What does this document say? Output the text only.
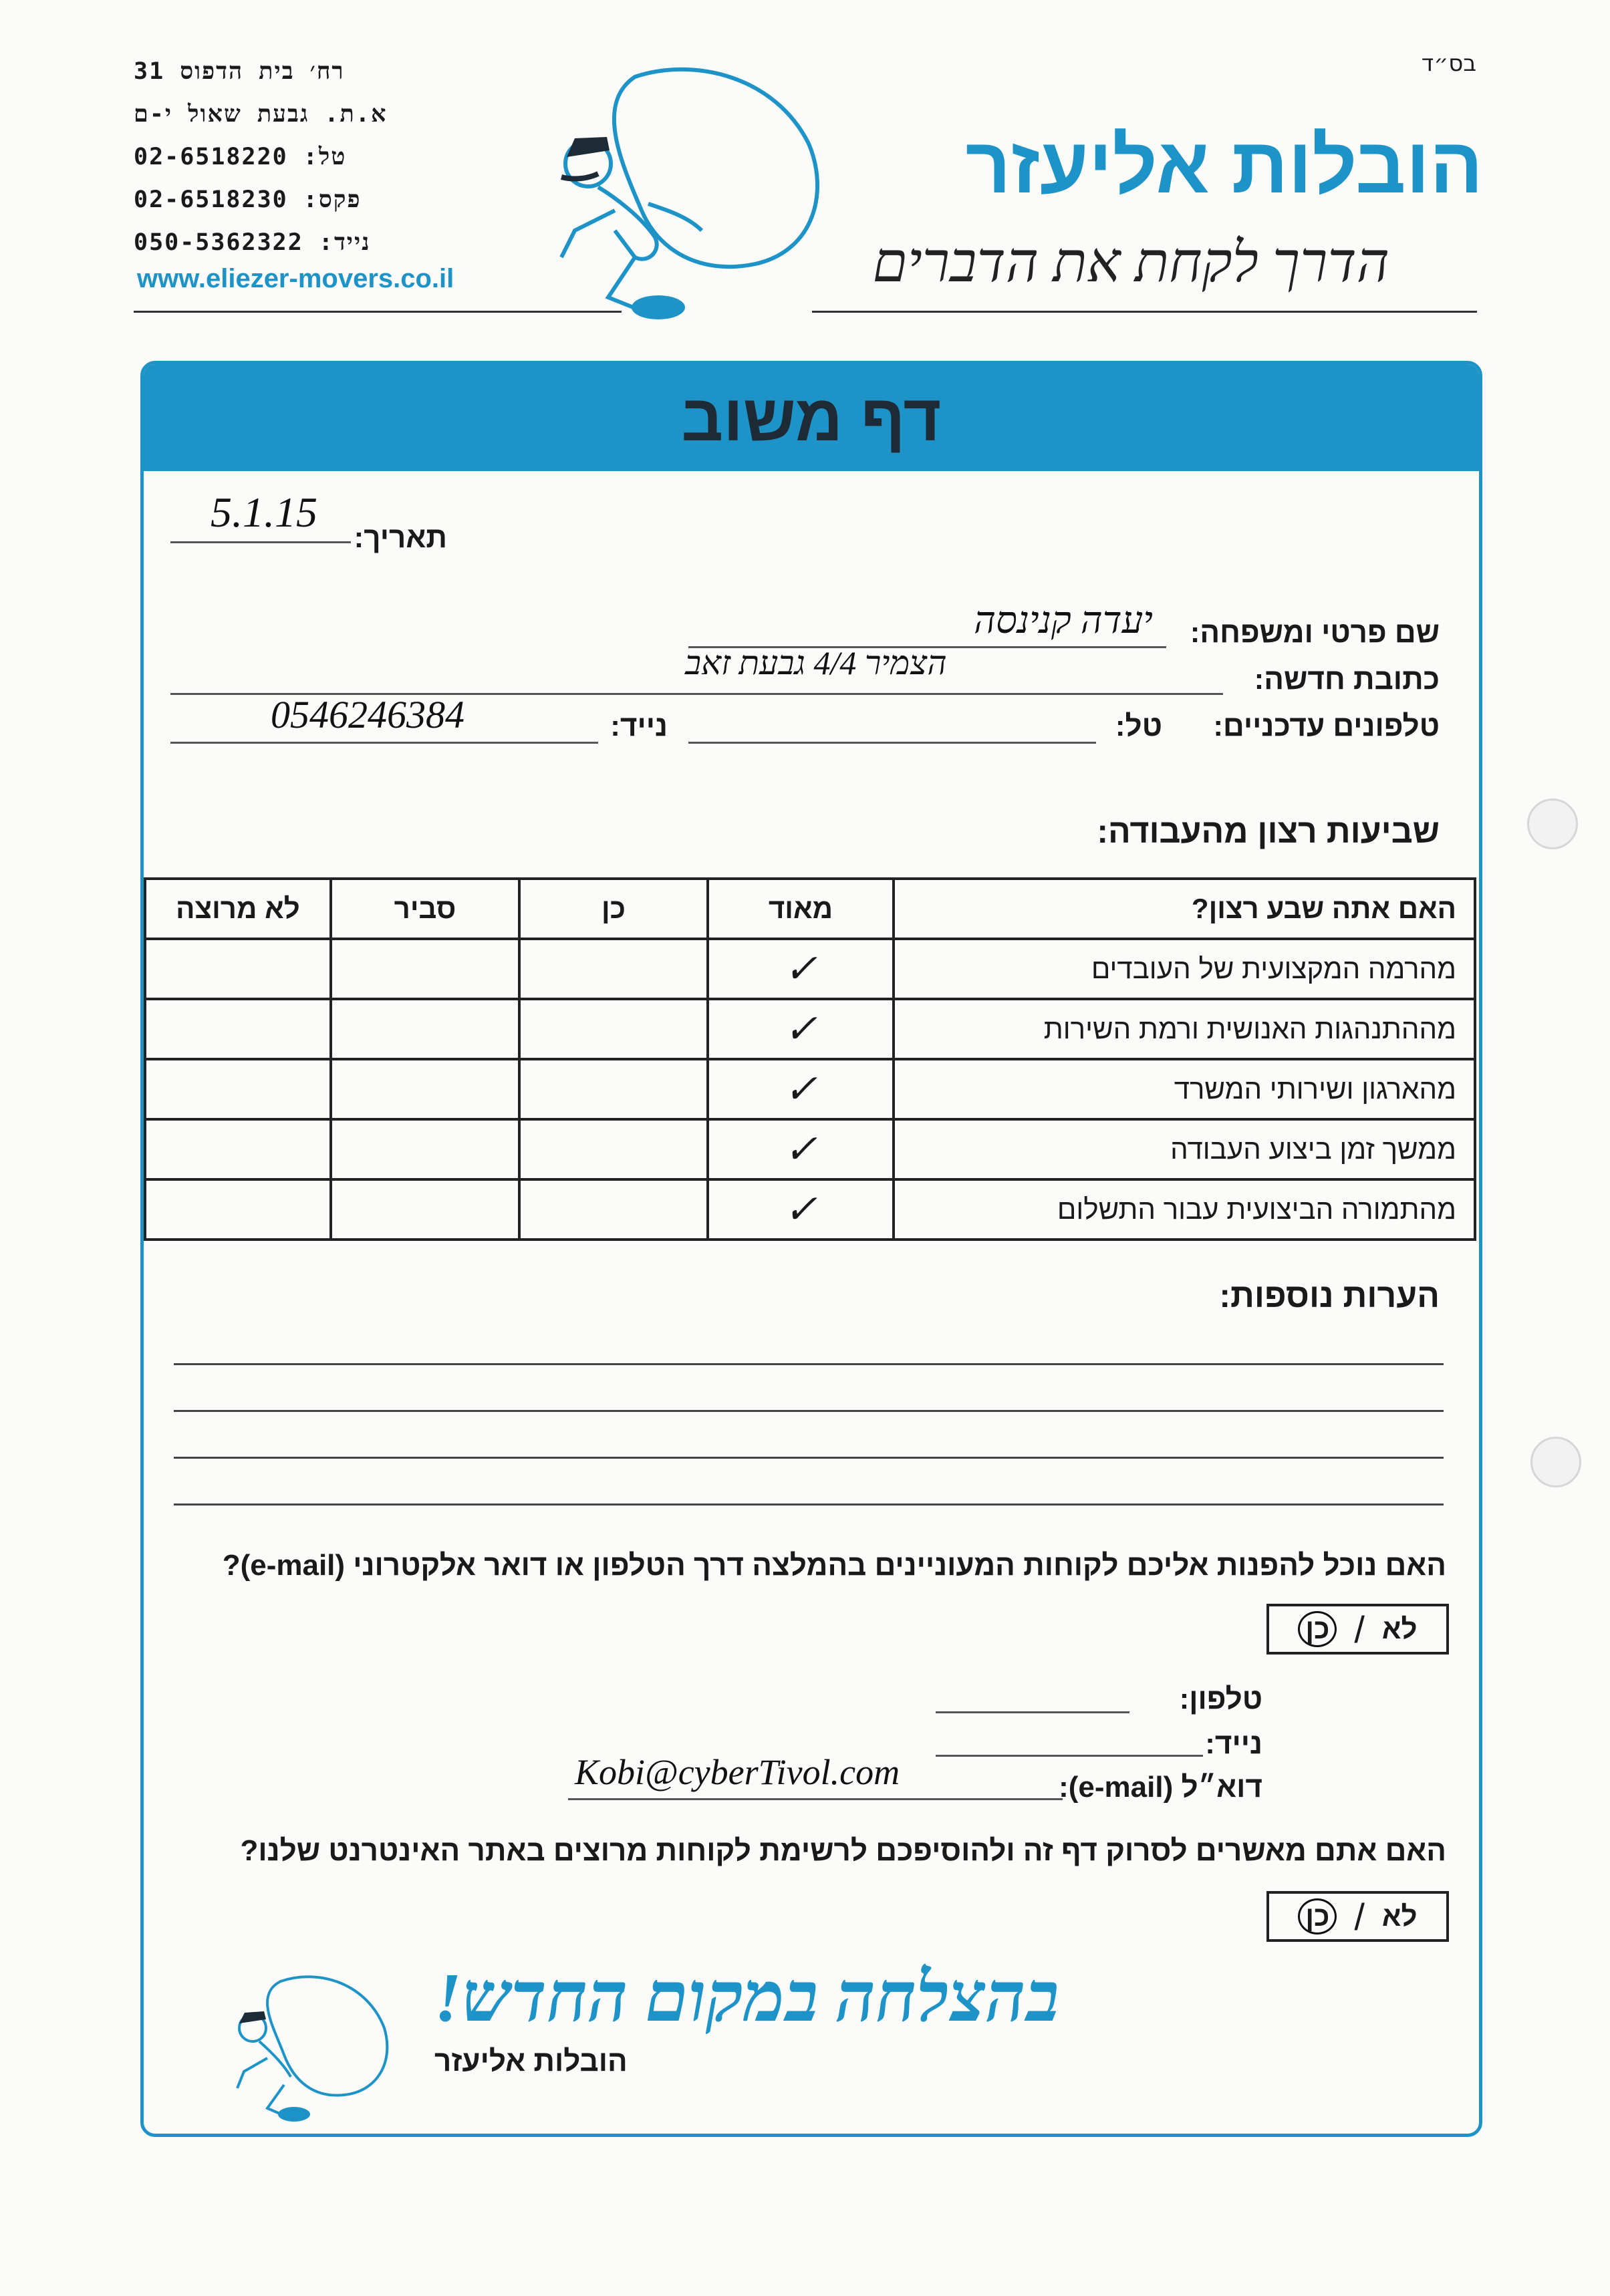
רח׳ בית הדפוס 31
א.ת. גבעת שאול י-ם
טל:

02-6518220
פקס:

02-6518230
נייד:

050-5362322
www.eliezer-movers.co.il
בס״ד
הובלות אליעזר
הדרך לקחת את הדברים
דף משוב
תאריך:
5.1.15
שם פרטי ומשפחה:
יעדה קנינסה
כתובת חדשה:
הצמיר 4/4 גבעת זאב
טלפונים עדכניים:
טל:
נייד:
0546246384
שביעות רצון מהעבודה:
האם אתה שבע רצון?	מאוד	כן	סביר	לא מרוצה
מהרמה המקצועית של העובדים	✓			
מההתנהגות האנושית ורמת השירות	✓			
מהארגון ושירותי המשרד	✓			
ממשך זמן ביצוע העבודה	✓			
מהתמורה הביצועית עבור התשלום	✓			
הערות נוספות:
האם נוכל להפנות אליכם לקוחות המעוניינים בהמלצה דרך הטלפון או דואר אלקטרוני (e-mail)?
לא
/
כן
טלפון:
נייד:
דוא״ל (e-mail):
Kobi@cyberTivol.com
האם אתם מאשרים לסרוק דף זה ולהוסיפכם לרשימת לקוחות מרוצים באתר האינטרנט שלנו?
לא
/
כן
בהצלחה במקום החדש!
הובלות אליעזר
